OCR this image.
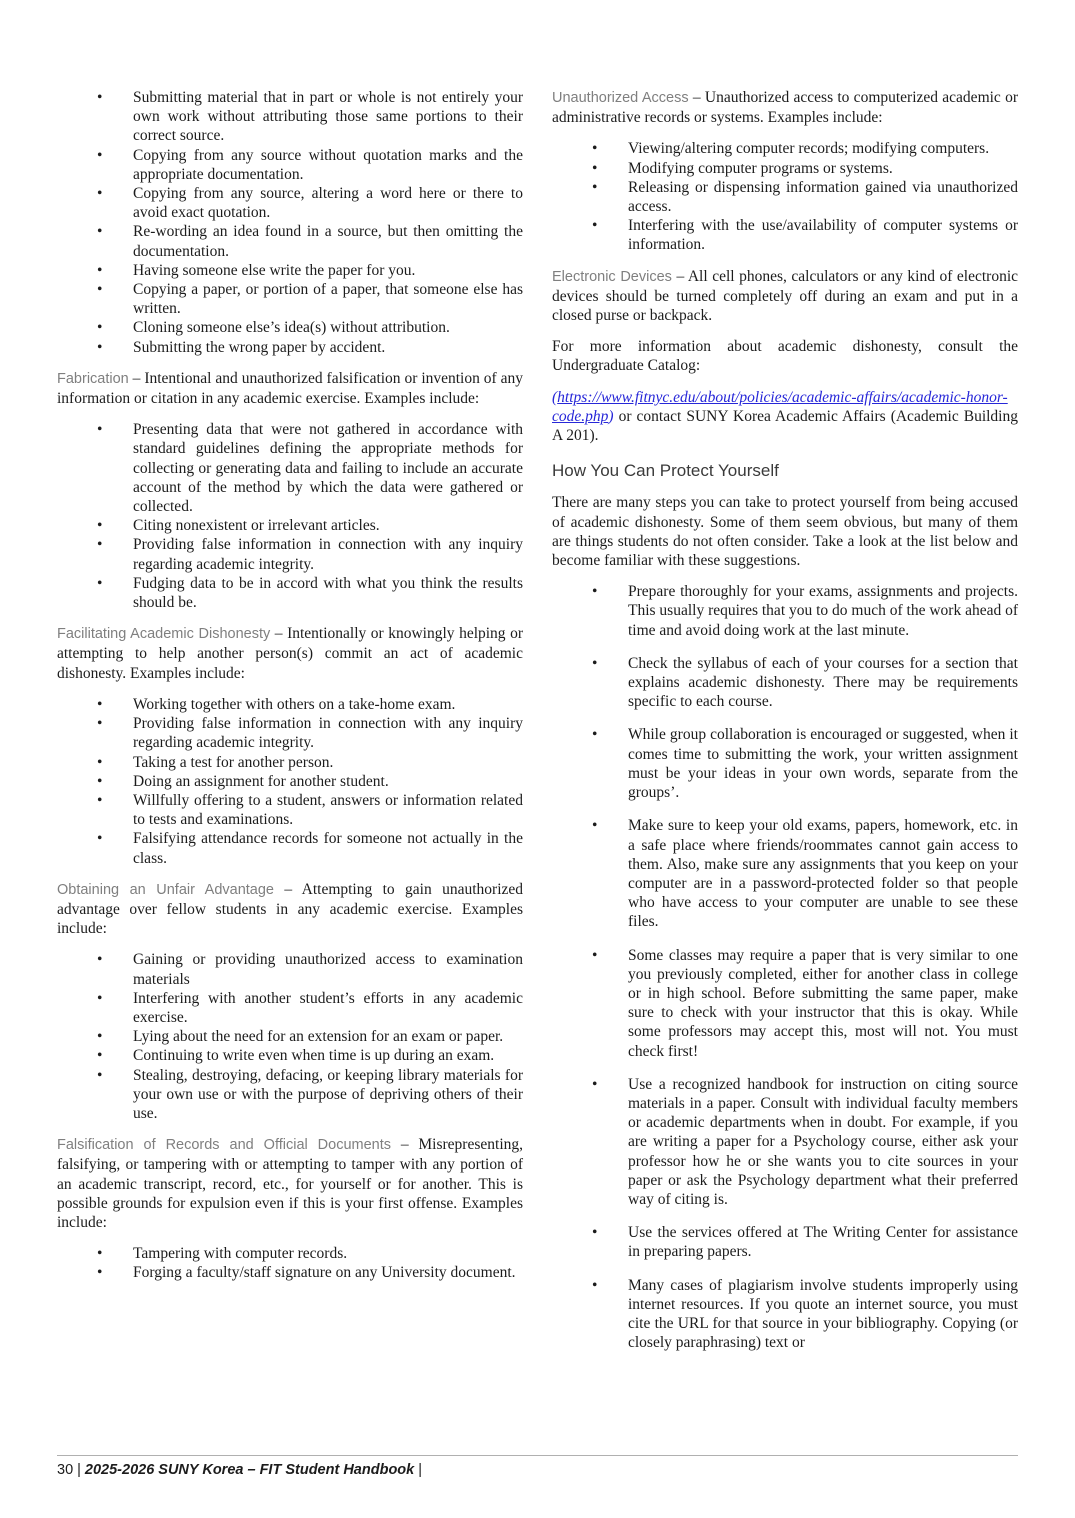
• Submitting material that in part or whole is not entirely your own work without attributing those same portions to their correct source.
• Copying from any source without quotation marks and the appropriate documentation.
• Copying from any source, altering a word here or there to avoid exact quotation.
• Re-wording an idea found in a source, but then omitting the documentation.
• Having someone else write the paper for you.
• Copying a paper, or portion of a paper, that someone else has written.
• Cloning someone else’s idea(s) without attribution.
• Submitting the wrong paper by accident.

Fabrication – Intentional and unauthorized falsification or invention of any information or citation in any academic exercise. Examples include:

• Presenting data that were not gathered in accordance with standard guidelines defining the appropriate methods for collecting or generating data and failing to include an accurate account of the method by which the data were gathered or collected.
• Citing nonexistent or irrelevant articles.
• Providing false information in connection with any inquiry regarding academic integrity.
• Fudging data to be in accord with what you think the results should be.

Facilitating Academic Dishonesty – Intentionally or knowingly helping or attempting to help another person(s) commit an act of academic dishonesty. Examples include:

• Working together with others on a take-home exam.
• Providing false information in connection with any inquiry regarding academic integrity.
• Taking a test for another person.
• Doing an assignment for another student.
• Willfully offering to a student, answers or information related to tests and examinations.
• Falsifying attendance records for someone not actually in the class.

Obtaining an Unfair Advantage – Attempting to gain unauthorized advantage over fellow students in any academic exercise. Examples include:

• Gaining or providing unauthorized access to examination materials
• Interfering with another student’s efforts in any academic exercise.
• Lying about the need for an extension for an exam or paper.
• Continuing to write even when time is up during an exam.
• Stealing, destroying, defacing, or keeping library materials for your own use or with the purpose of depriving others of their use.

Falsification of Records and Official Documents – Misrepresenting, falsifying, or tampering with or attempting to tamper with any portion of an academic transcript, record, etc., for yourself or for another. This is possible grounds for expulsion even if this is your first offense. Examples include:

• Tampering with computer records.
• Forging a faculty/staff signature on any University document.

Unauthorized Access – Unauthorized access to computerized academic or administrative records or systems. Examples include:

• Viewing/altering computer records; modifying computers.
• Modifying computer programs or systems.
• Releasing or dispensing information gained via unauthorized access.
• Interfering with the use/availability of computer systems or information.

Electronic Devices – All cell phones, calculators or any kind of electronic devices should be turned completely off during an exam and put in a closed purse or backpack.

For more information about academic dishonesty, consult the Undergraduate Catalog:

(https://www.fitnyc.edu/about/policies/academic-affairs/academic-honor-code.php) or contact SUNY Korea Academic Affairs (Academic Building A 201).

How You Can Protect Yourself

There are many steps you can take to protect yourself from being accused of academic dishonesty. Some of them seem obvious, but many of them are things students do not often consider. Take a look at the list below and become familiar with these suggestions.

• Prepare thoroughly for your exams, assignments and projects. This usually requires that you to do much of the work ahead of time and avoid doing work at the last minute.
• Check the syllabus of each of your courses for a section that explains academic dishonesty. There may be requirements specific to each course.
• While group collaboration is encouraged or suggested, when it comes time to submitting the work, your written assignment must be your ideas in your own words, separate from the groups’.
• Make sure to keep your old exams, papers, homework, etc. in a safe place where friends/roommates cannot gain access to them. Also, make sure any assignments that you keep on your computer are in a password-protected folder so that people who have access to your computer are unable to see these files.
• Some classes may require a paper that is very similar to one you previously completed, either for another class in college or in high school. Before submitting the same paper, make sure to check with your instructor that this is okay. While some professors may accept this, most will not. You must check first!
• Use a recognized handbook for instruction on citing source materials in a paper. Consult with individual faculty members or academic departments when in doubt. For example, if you are writing a paper for a Psychology course, either ask your professor how he or she wants you to cite sources in your paper or ask the Psychology department what their preferred way of citing is.
• Use the services offered at The Writing Center for assistance in preparing papers.
• Many cases of plagiarism involve students improperly using internet resources. If you quote an internet source, you must cite the URL for that source in your bibliography. Copying (or closely paraphrasing) text or
30 | 2025-2026 SUNY Korea – FIT Student Handbook |
